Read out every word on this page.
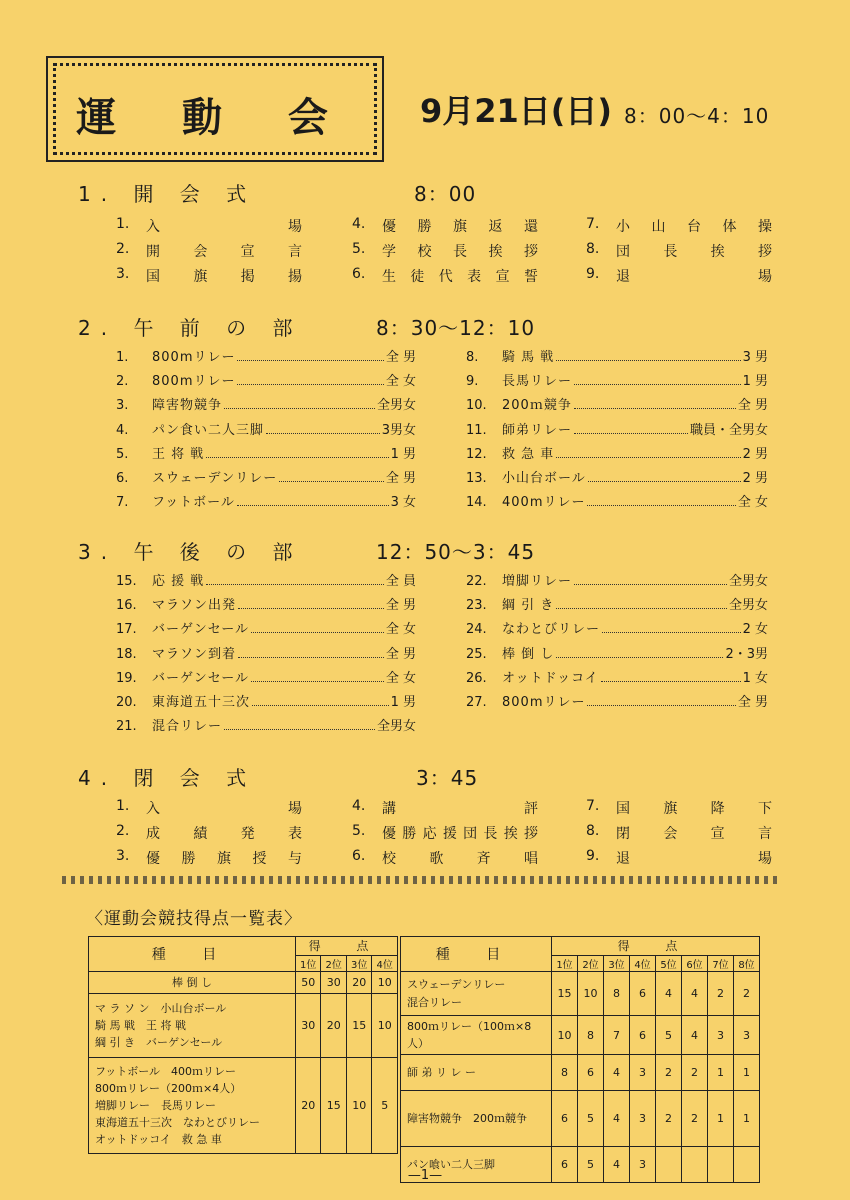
運 動 会	9月21日(日) 8：00～4：10
1. 開 会 式	8：00
1.	入	場	4.	優 勝 旗 返 還	7.	小 山 台 体 操
2.	開 会 宣 言	5.	学 校 長 挨 拶	8.	団 長 挨 拶
3.	国 旗 掲 揚	6.	生 徒 代 表 宣 誓	9.	退	場
2. 午 前 の 部	8：30～12：10
1.	800mリレー	全 男
2.	800mリレー	全 女
3.	障害物競争	全男女
4.	パン食い二人三脚	3男女
5.	王 将 戦	1 男
6.	スウェーデンリレー	全 男
7.	フットボール	3 女
8.	騎 馬 戦	3 男
9.	長馬リレー	1 男
10.	200ｍ競争	全 男
11.	師弟リレー	職員・全男女
12.	救 急 車	2 男
13.	小山台ボール	2 男
14.	400mリレー	全 女
3. 午 後 の 部	12：50～3：45
15.	応 援 戦	全 員
16.	マラソン出発	全 男
17.	バーゲンセール	全 女
18.	マラソン到着	全 男
19.	バーゲンセール	全 女
20.	東海道五十三次	1 男
21.	混合リレー	全男女
22.	増脚リレー	全男女
23.	綱 引 き	全男女
24.	なわとびリレー	2 女
25.	棒 倒 し	2・3男
26.	オットドッコイ	1 女
27.	800mリレー	全 男
4. 閉 会 式	3：45
1.	入	場	4.	講	評	7.	国 旗 降 下
2.	成 績 発 表	5.	優 勝 応 援 団 長 挨 拶	8.	閉 会 宣 言
3.	優 勝 旗 授 与	6.	校 歌 斉 唱	9.	退	場
〈運動会競技得点一覧表〉
種 目	得 点			
	1位	2位	3位	4位

棒 倒 し	50	30	20	10

マ ラ ソ ン　小山台ボール
騎 馬 戦　王 将 戦
綱 引 き　バーゲンセール	30	20	15	10

フットボール　400ｍリレー
800ｍリレー（200ｍ×4人）
増脚リレー　長馬リレー
東海道五十三次　なわとびリレー
オットドッコイ　救 急 車	20	15	10	5
種 目	得 点							
	1位	2位	3位	4位	5位	6位	7位	8位

スウェーデンリレー
混合リレー	15	10	8	6	4	4	2	2

800ｍリレー（100ｍ×8人）	10	8	7	6	5	4	3	3

師 弟 リ レ ー	8	6	4	3	2	2	1	1

障害物競争　200ｍ競争	6	5	4	3	2	2	1	1

パン喰い二人三脚	6	5	4	3				
—1—
